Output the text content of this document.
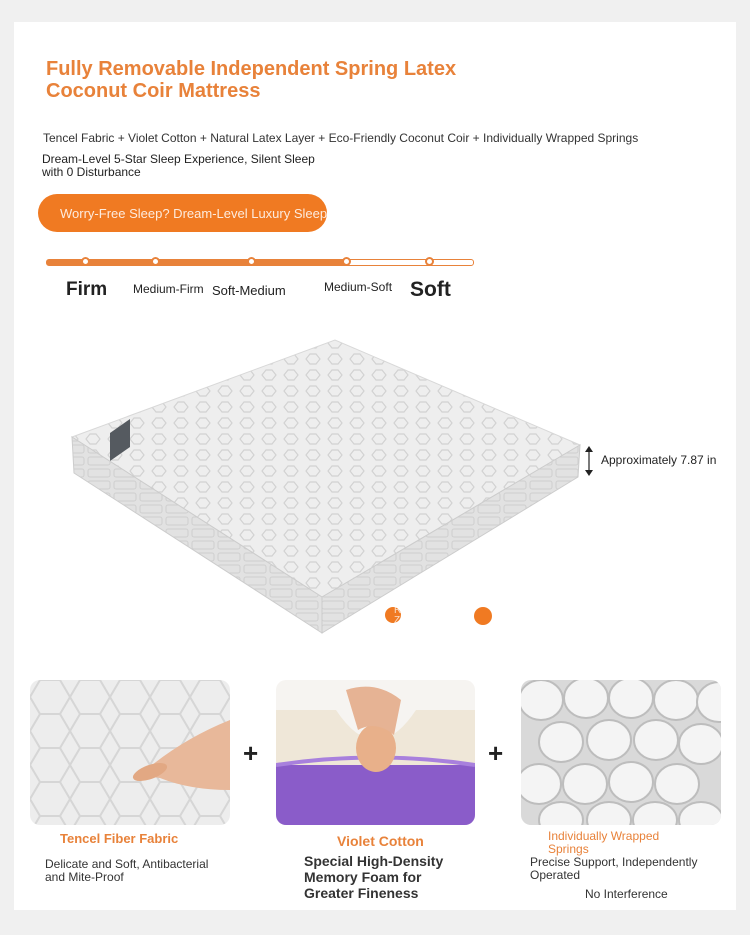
Fully Removable Independent Spring Latex Coconut Coir Mattress
Tencel Fabric + Violet Cotton + Natural Latex Layer + Eco-Friendly Coconut Coir + Individually Wrapped Springs
Dream-Level 5-Star Sleep Experience, Silent Sleep with 0 Disturbance
Worry-Free Sleep? Dream-Level Luxury Sleep Model
Firm Medium-Firm Soft-Medium	Medium-Soft Soft
Approximately 7.87 in
Removable with Zipper
+	+
Tencel Fiber Fabric
Delicate and Soft, Antibacterial and Mite-Proof
Violet Cotton
Special High-Density Memory Foam for Greater Fineness
Individually Wrapped Springs
Precise Support, Independently Operated
No Interference
